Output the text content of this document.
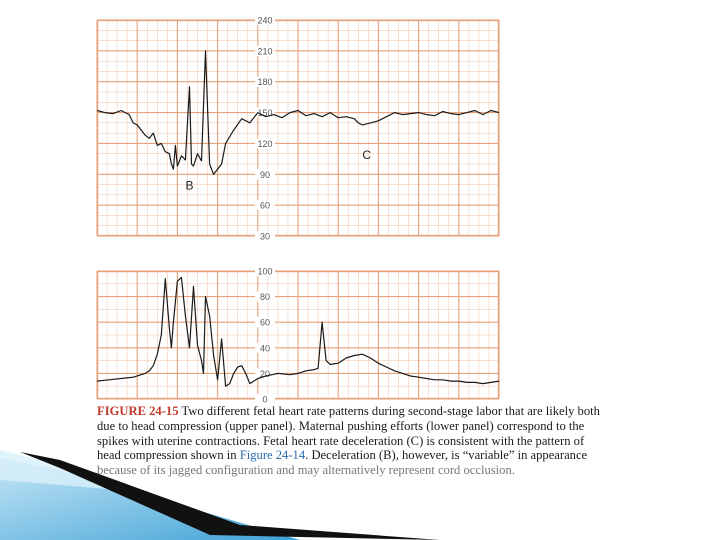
30
60
90
120
150
180
210
240
B
C
0
20
40
60
80
100
FIGURE 24-15 Two different fetal heart rate patterns during second-stage labor that are likely both
due to head compression (upper panel). Maternal pushing efforts (lower panel) correspond to the
spikes with uterine contractions. Fetal heart rate deceleration (C) is consistent with the pattern of
head compression shown in Figure 24-14. Deceleration (B), however, is “variable” in appearance
because of its jagged configuration and may alternatively represent cord occlusion.
